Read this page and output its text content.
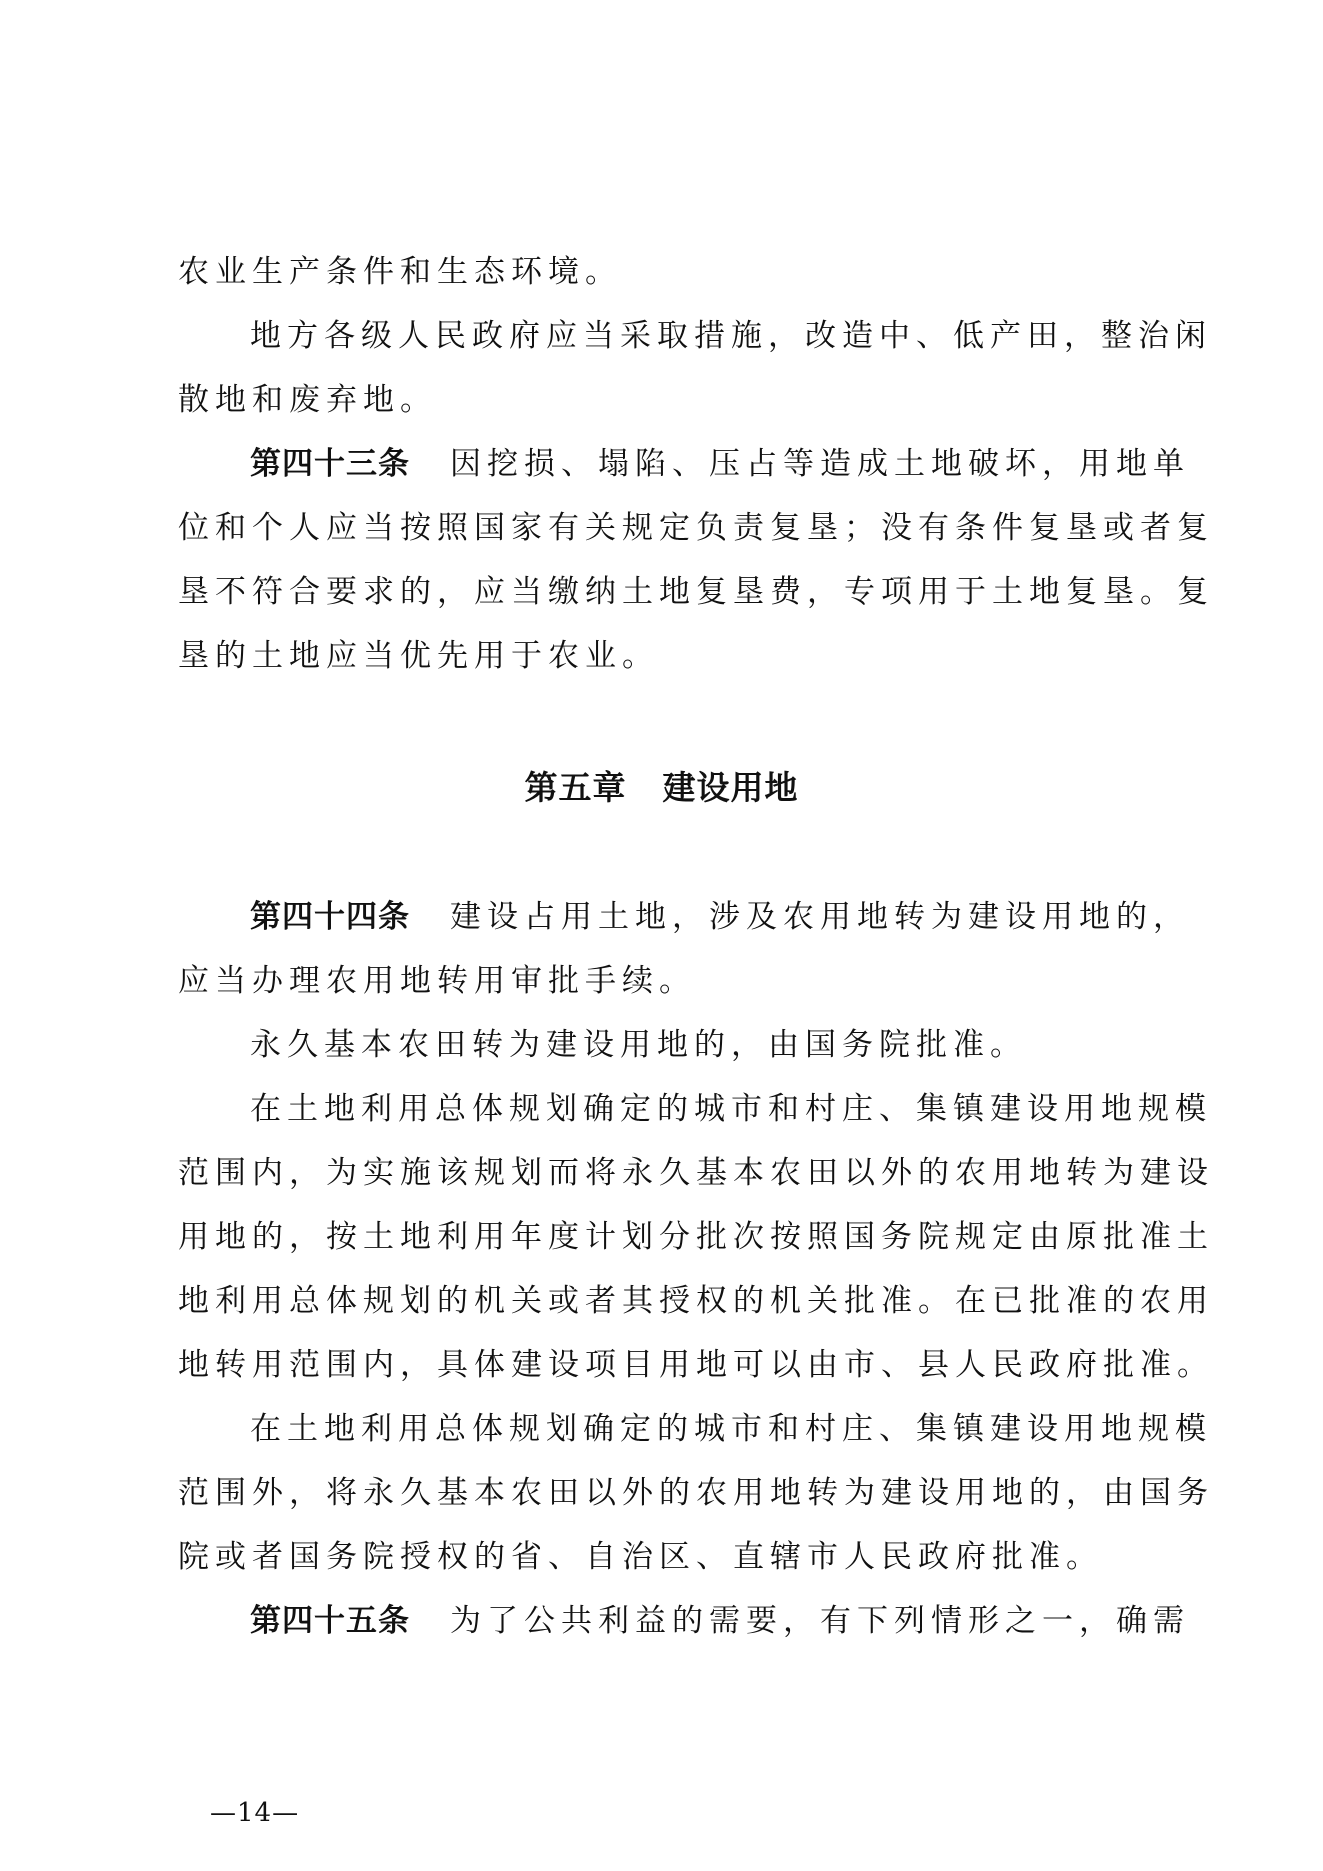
农业生产条件和生态环境。
地方各级人民政府应当采取措施，改造中、低产田，整治闲
散地和废弃地。
第四十三条 因挖损、塌陷、压占等造成土地破坏，用地单
位和个人应当按照国家有关规定负责复垦；没有条件复垦或者复
垦不符合要求的，应当缴纳土地复垦费，专项用于土地复垦。复
垦的土地应当优先用于农业。
第五章 建设用地
第四十四条 建设占用土地，涉及农用地转为建设用地的，
应当办理农用地转用审批手续。
永久基本农田转为建设用地的，由国务院批准。
在土地利用总体规划确定的城市和村庄、集镇建设用地规模
范围内，为实施该规划而将永久基本农田以外的农用地转为建设
用地的，按土地利用年度计划分批次按照国务院规定由原批准土
地利用总体规划的机关或者其授权的机关批准。在已批准的农用
地转用范围内，具体建设项目用地可以由市、县人民政府批准。
在土地利用总体规划确定的城市和村庄、集镇建设用地规模
范围外，将永久基本农田以外的农用地转为建设用地的，由国务
院或者国务院授权的省、自治区、直辖市人民政府批准。
第四十五条 为了公共利益的需要，有下列情形之一，确需
—14—
